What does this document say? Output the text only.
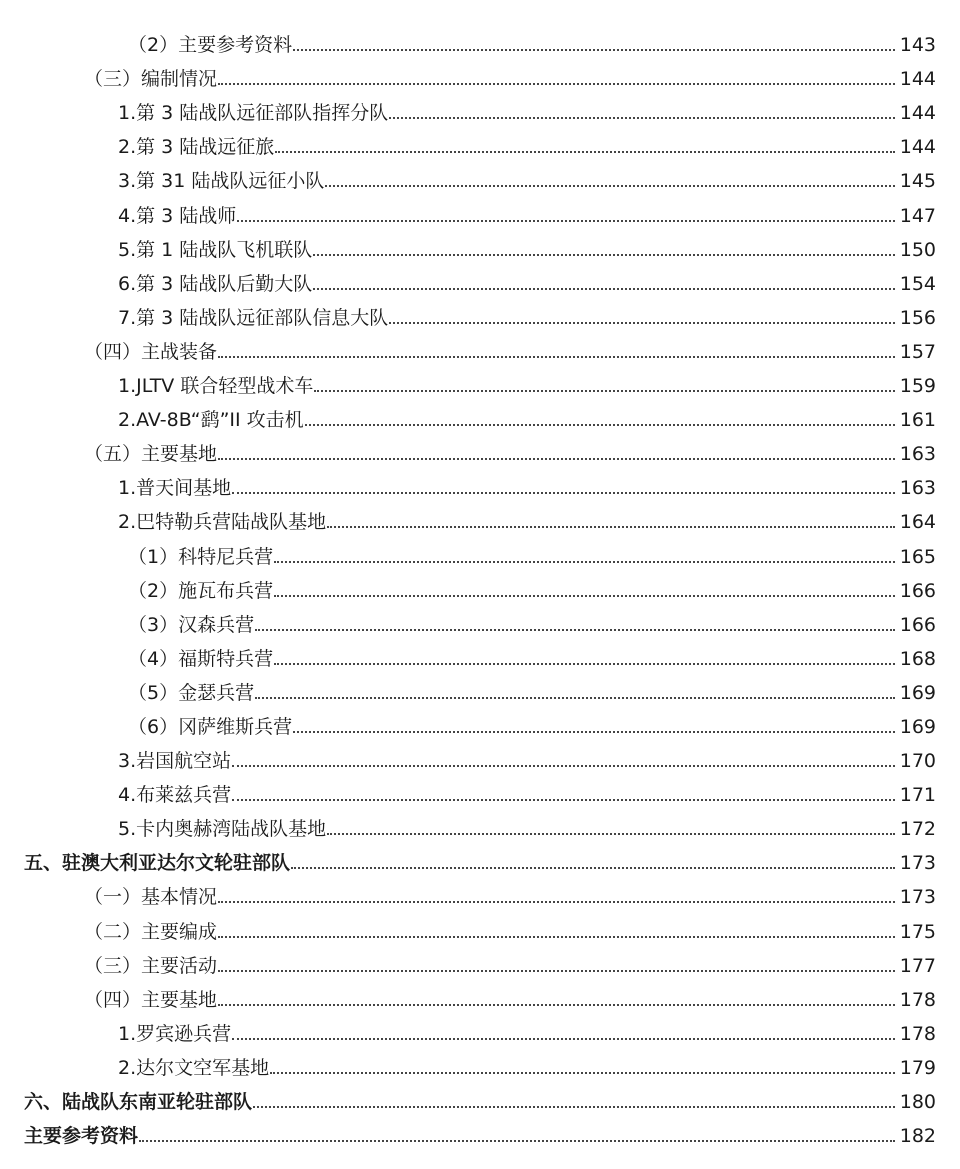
（2）主要参考资料	143
（三）编制情况	144
1.第 3 陆战队远征部队指挥分队	144
2.第 3 陆战远征旅	144
3.第 31 陆战队远征小队	145
4.第 3 陆战师	147
5.第 1 陆战队飞机联队	150
6.第 3 陆战队后勤大队	154
7.第 3 陆战队远征部队信息大队	156
（四）主战装备	157
1.JLTV 联合轻型战术车	159
2.AV-8B“鹞”II 攻击机	161
（五）主要基地	163
1.普天间基地	163
2.巴特勒兵营陆战队基地	164
（1）科特尼兵营	165
（2）施瓦布兵营	166
（3）汉森兵营	166
（4）福斯特兵营	168
（5）金瑟兵营	169
（6）冈萨维斯兵营	169
3.岩国航空站	170
4.布莱兹兵营	171
5.卡内奥赫湾陆战队基地	172
五、驻澳大利亚达尔文轮驻部队	173
（一）基本情况	173
（二）主要编成	175
（三）主要活动	177
（四）主要基地	178
1.罗宾逊兵营	178
2.达尔文空军基地	179
六、陆战队东南亚轮驻部队	180
主要参考资料	182
